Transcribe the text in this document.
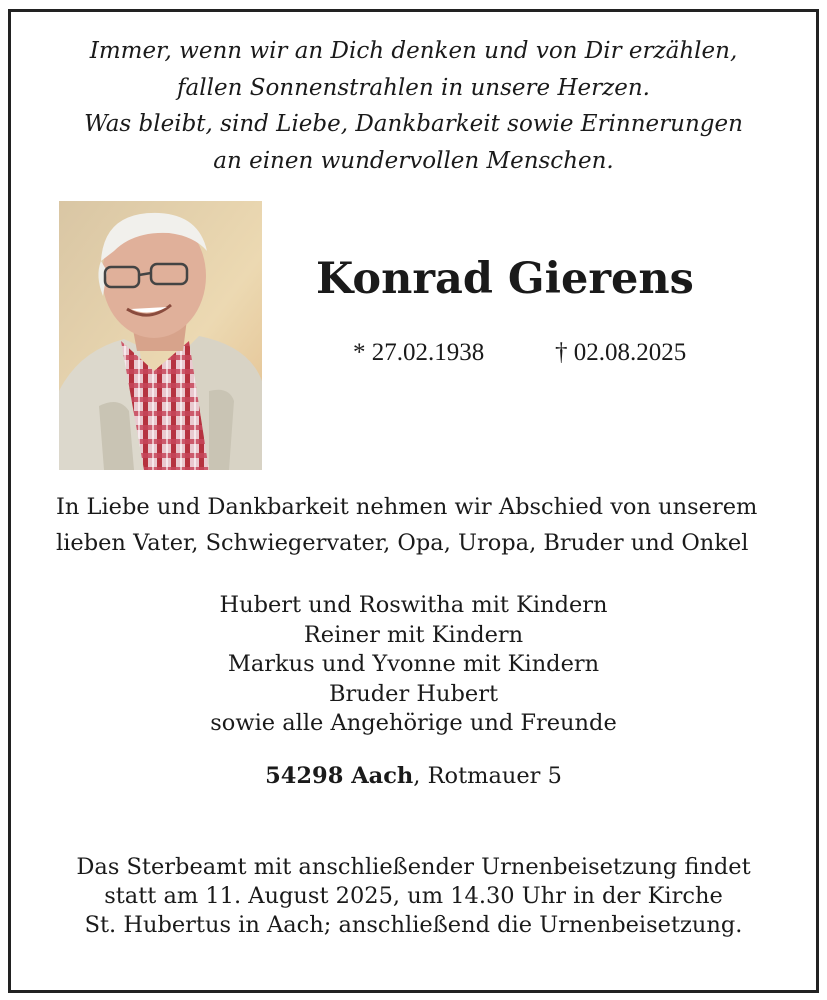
Immer, wenn wir an Dich denken und von Dir erzählen,
fallen Sonnenstrahlen in unsere Herzen.
Was bleibt, sind Liebe, Dankbarkeit sowie Erinnerungen
an einen wundervollen Menschen.
Konrad Gierens
* 27.02.1938	† 02.08.2025
In Liebe und Dankbarkeit nehmen wir Abschied von unserem
lieben Vater, Schwiegervater, Opa, Uropa, Bruder und Onkel
Hubert und Roswitha mit Kindern
Reiner mit Kindern
Markus und Yvonne mit Kindern
Bruder Hubert
sowie alle Angehörige und Freunde
54298 Aach, Rotmauer 5
Das Sterbeamt mit anschließender Urnenbeisetzung findet
statt am 11. August 2025, um 14.30 Uhr in der Kirche
St. Hubertus in Aach; anschließend die Urnenbeisetzung.
